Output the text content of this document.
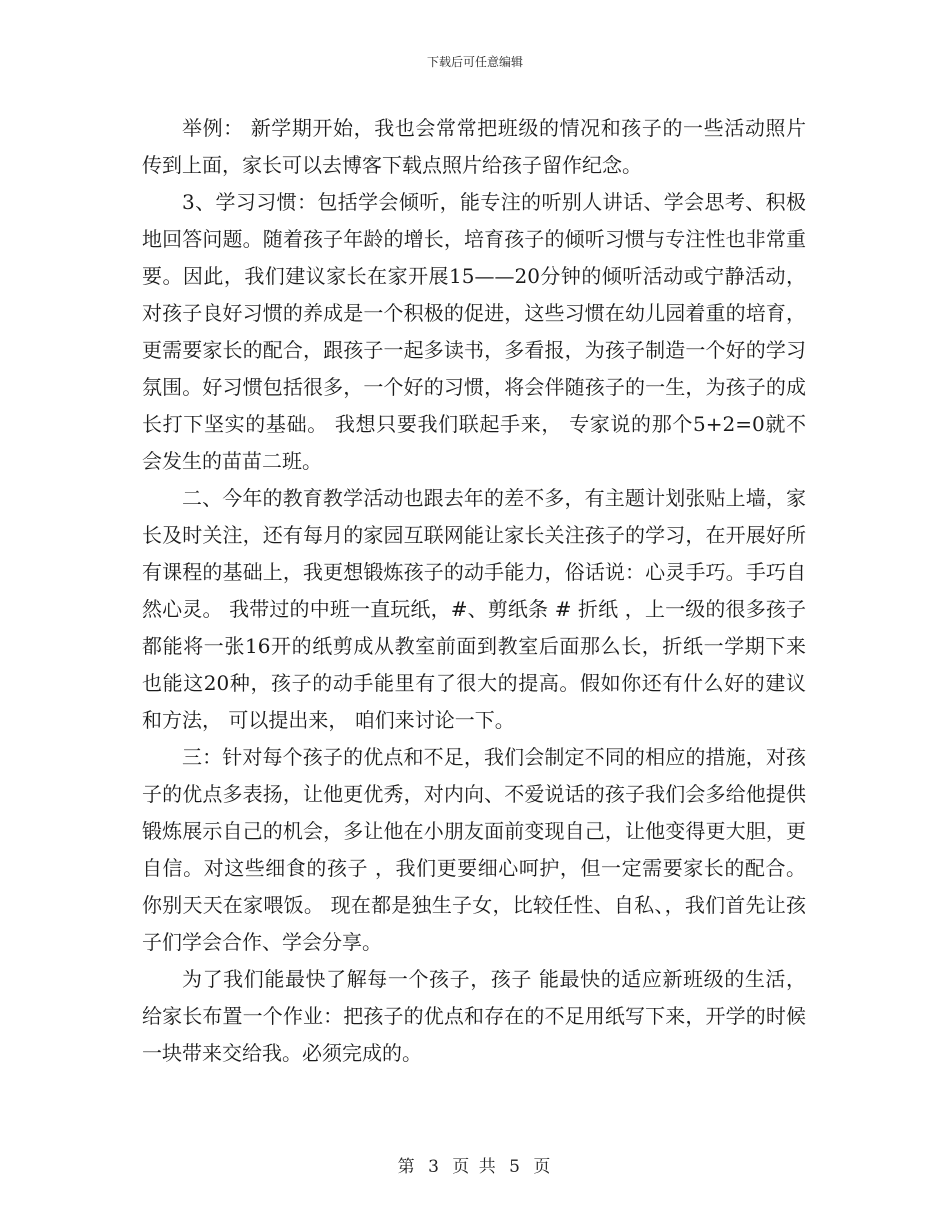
下载后可任意编辑

举例： 新学期开始，我也会常常把班级的情况和孩子的一些活动照片传到上面，家长可以去博客下载点照片给孩子留作纪念。

3、学习习惯：包括学会倾听，能专注的听别人讲话、学会思考、积极地回答问题。随着孩子年龄的增长，培育孩子的倾听习惯与专注性也非常重要。因此，我们建议家长在家开展15——20分钟的倾听活动或宁静活动，对孩子良好习惯的养成是一个积极的促进，这些习惯在幼儿园着重的培育，更需要家长的配合，跟孩子一起多读书，多看报，为孩子制造一个好的学习氛围。好习惯包括很多，一个好的习惯，将会伴随孩子的一生，为孩子的成长打下坚实的基础。 我想只要我们联起手来， 专家说的那个5+2=0就不会发生的苗苗二班。

二、今年的教育教学活动也跟去年的差不多，有主题计划张贴上墙，家长及时关注，还有每月的家园互联网能让家长关注孩子的学习，在开展好所有课程的基础上，我更想锻炼孩子的动手能力，俗话说：心灵手巧。手巧自然心灵。 我带过的中班一直玩纸，#、剪纸条 # 折纸 ，上一级的很多孩子都能将一张16开的纸剪成从教室前面到教室后面那么长，折纸一学期下来也能这20种，孩子的动手能里有了很大的提高。假如你还有什么好的建议和方法， 可以提出来， 咱们来讨论一下。

三：针对每个孩子的优点和不足，我们会制定不同的相应的措施，对孩子的优点多表扬，让他更优秀，对内向、不爱说话的孩子我们会多给他提供锻炼展示自己的机会，多让他在小朋友面前变现自己，让他变得更大胆，更自信。对这些细食的孩子 ，我们更要细心呵护，但一定需要家长的配合。你别天天在家喂饭。 现在都是独生子女，比较任性、自私、，我们首先让孩子们学会合作、学会分享。

为了我们能最快了解每一个孩子，孩子 能最快的适应新班级的生活，给家长布置一个作业：把孩子的优点和存在的不足用纸写下来，开学的时候一块带来交给我。必须完成的。

第 3 页 共 5 页
